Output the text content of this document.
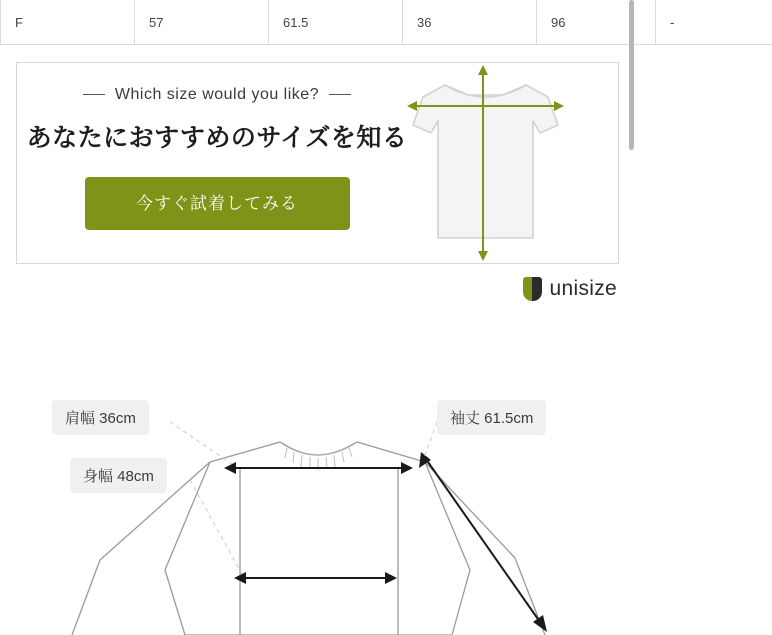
F	57	61.5	36	96	-
Which size would you like?
あなたにおすすめのサイズを知る
今すぐ試着してみる
unisize
肩幅 36cm
身幅 48cm
袖丈 61.5cm
